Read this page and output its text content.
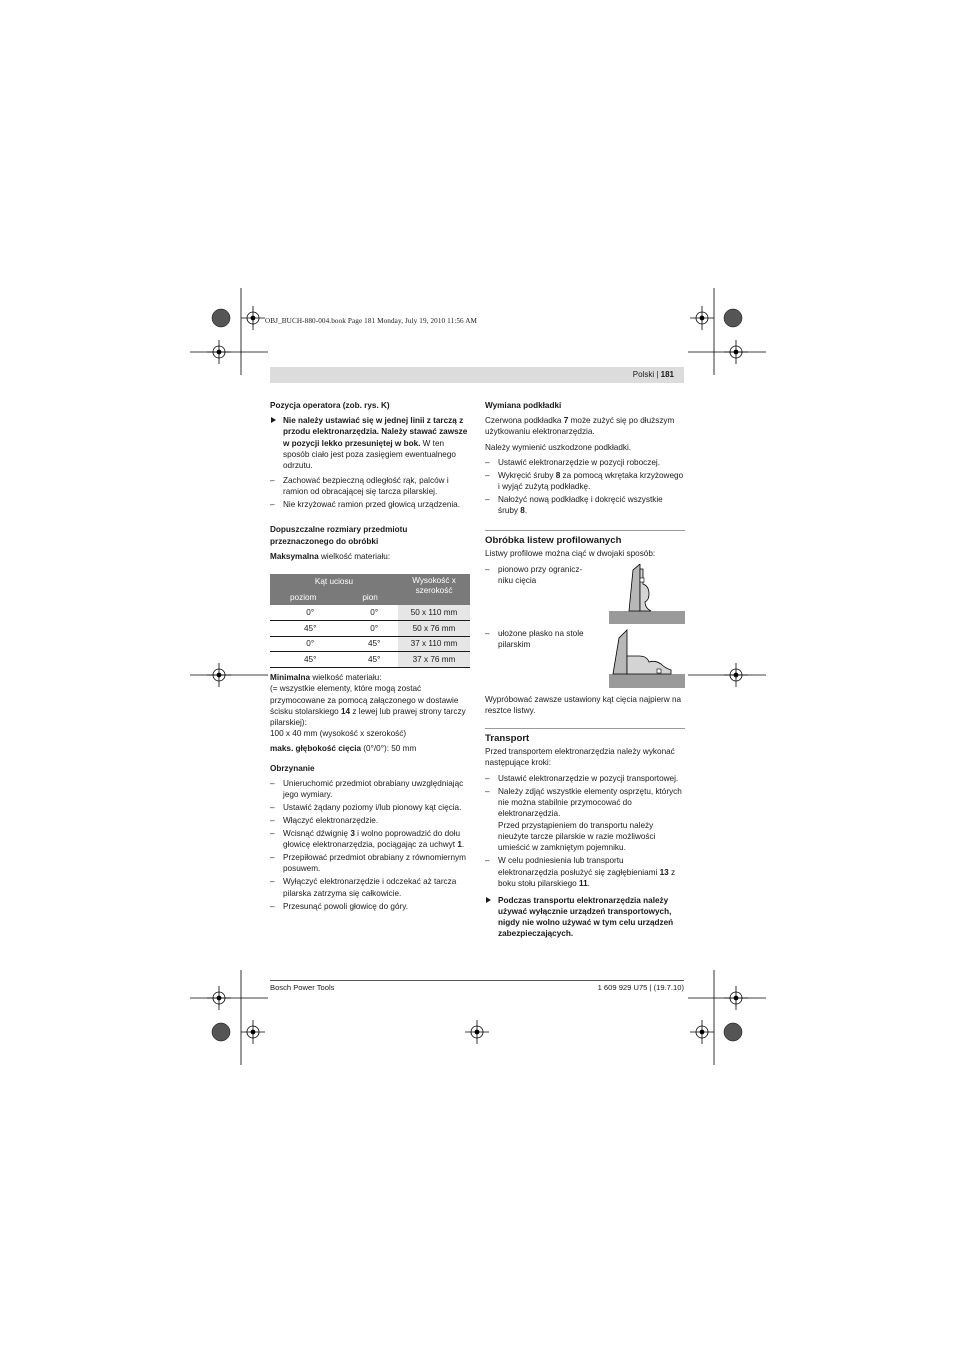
OBJ_BUCH-880-004.book Page 181 Monday, July 19, 2010 11:56 AM
Polski | 181

Pozycja operatora (zob. rys. K)

Nie należy ustawiać się w jednej linii z tarczą z przodu elektronarzędzia. Należy stawać zawsze w pozycji lekko przesuniętej w bok. W ten sposób ciało jest poza zasięgiem ewentualnego odrzutu.
– Zachować bezpieczną odległość rąk, palców i ramion od obracającej się tarcza pilarskiej.
– Nie krzyżować ramion przed głowicą urządzenia.

Dopuszczalne rozmiary przedmiotu przeznaczonego do obróbki

Maksymalna wielkość materiału:

Kąt uciosu		Wysokość x szerokość
poziom	pion	
0°	0°	50 x 110 mm
45°	0°	50 x 76 mm
0°	45°	37 x 110 mm
45°	45°	37 x 76 mm

Minimalna wielkość materiału:

(= wszystkie elementy, które mogą zostać przymocowane za pomocą załączonego w dostawie ścisku stolarskiego 14 z lewej lub prawej strony tarczy pilarskiej):

100 x 40 mm (wysokość x szerokość)

maks. głębokość cięcia (0°/0°): 50 mm

Obrzynanie

– Unieruchomić przedmiot obrabiany uwzględniając jego wymiary.
– Ustawić żądany poziomy i/lub pionowy kąt cięcia.
– Włączyć elektronarzędzie.
– Wcisnąć dźwignię 3 i wolno poprowadzić do dołu głowicę elektronarzędzia, pociągając za uchwyt 1.
– Przepiłować przedmiot obrabiany z równomiernym posuwem.
– Wyłączyć elektronarzędzie i odczekać aż tarcza pilarska zatrzyma się całkowicie.
– Przesunąć powoli głowicę do góry.

Wymiana podkładki

Czerwona podkładka 7 może zużyć się po dłuższym użytkowaniu elektronarzędzia.

Należy wymienić uszkodzone podkładki.

– Ustawić elektronarzędzie w pozycji roboczej.
– Wykręcić śruby 8 za pomocą wkrętaka krzyżowego i wyjąć zużytą podkładkę.
– Nałożyć nową podkładkę i dokręcić wszystkie śruby 8.

Obróbka listew profilowanych

Listwy profilowe można ciąć w dwojaki sposób:

– pionowo przy ogranicz-niku cięcia
– ułożone płasko na stole pilarskim

Wypróbować zawsze ustawiony kąt cięcia najpierw na resztce listwy.

Transport

Przed transportem elektronarzędzia należy wykonać następujące kroki:

– Ustawić elektronarzędzie w pozycji transportowej.
– Należy zdjąć wszystkie elementy osprzętu, których nie można stabilnie przymocować do elektronarzędzia.
Przed przystąpieniem do transportu należy nieużyte tarcze pilarskie w razie możliwości umieścić w zamkniętym pojemniku.
– W celu podniesienia lub transportu elektronarzędzia posłużyć się zagłębieniami 13 z boku stołu pilarskiego 11.
Podczas transportu elektronarzędzia należy używać wyłącznie urządzeń transportowych, nigdy nie wolno używać w tym celu urządzeń zabezpieczających.
Bosch Power Tools	1 609 929 U75 | (19.7.10)
